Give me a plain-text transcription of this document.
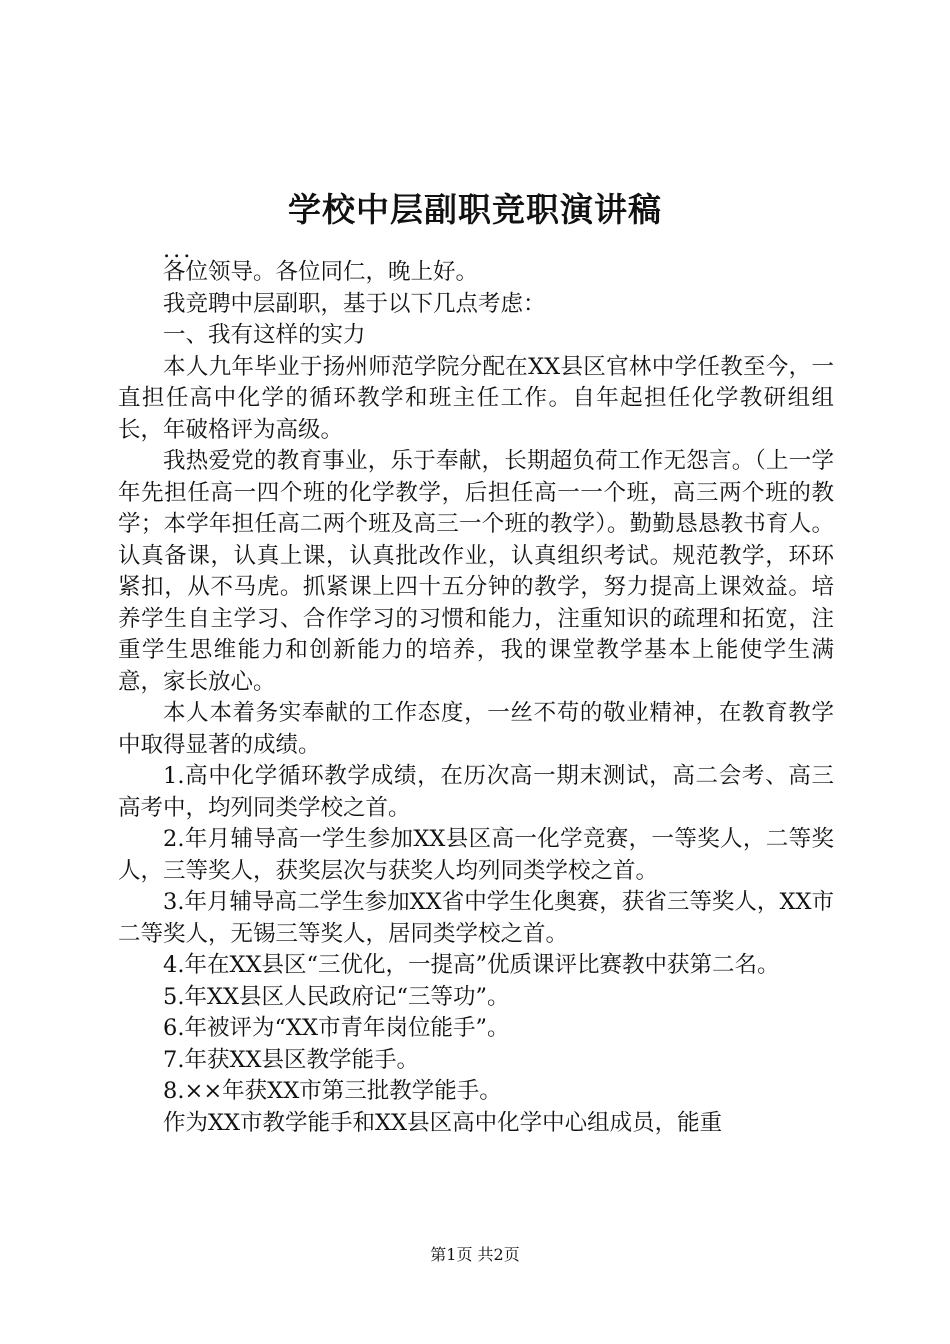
学校中层副职竞职演讲稿

...

各位领导。各位同仁，晚上好。

我竞聘中层副职，基于以下几点考虑：

一、我有这样的实力

本人九年毕业于扬州师范学院分配在XX县区官林中学任教至今，一直担任高中化学的循环教学和班主任工作。自年起担任化学教研组组长，年破格评为高级。

我热爱党的教育事业，乐于奉献，长期超负荷工作无怨言。（上一学年先担任高一四个班的化学教学，后担任高一一个班，高三两个班的教学；本学年担任高二两个班及高三一个班的教学）。勤勤恳恳教书育人。认真备课，认真上课，认真批改作业，认真组织考试。规范教学，环环紧扣，从不马虎。抓紧课上四十五分钟的教学，努力提高上课效益。培养学生自主学习、合作学习的习惯和能力，注重知识的疏理和拓宽，注重学生思维能力和创新能力的培养，我的课堂教学基本上能使学生满意，家长放心。

本人本着务实奉献的工作态度，一丝不苟的敬业精神，在教育教学中取得显著的成绩。

1.高中化学循环教学成绩，在历次高一期末测试，高二会考、高三高考中，均列同类学校之首。

2.年月辅导高一学生参加XX县区高一化学竞赛，一等奖人，二等奖人，三等奖人，获奖层次与获奖人均列同类学校之首。

3.年月辅导高二学生参加XX省中学生化奥赛，获省三等奖人，XX市二等奖人，无锡三等奖人，居同类学校之首。

4.年在XX县区“三优化，一提高”优质课评比赛教中获第二名。

5.年XX县区人民政府记“三等功”。

6.年被评为“XX市青年岗位能手”。

7.年获XX县区教学能手。

8.××年获XX市第三批教学能手。

作为XX市教学能手和XX县区高中化学中心组成员，能重

第1页 共2页
